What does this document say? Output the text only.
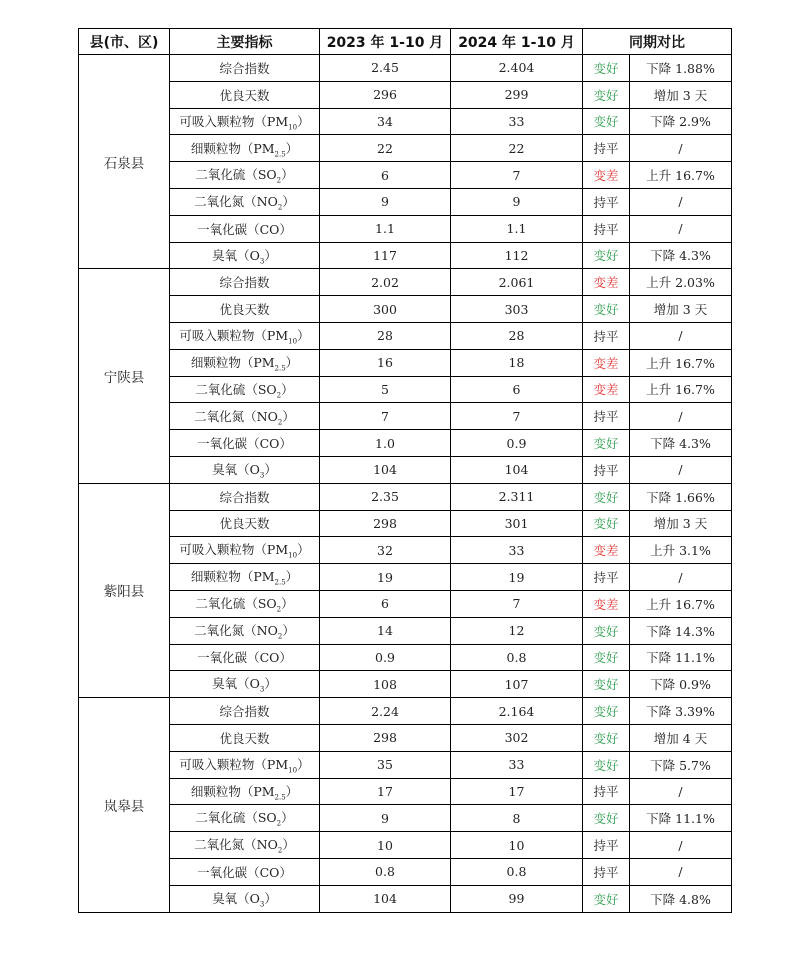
县(市、区)	主要指标	2023 年 1-10 月	2024 年 1-10 月	同期对比	
石泉县	综合指数	2.45	2.404	变好	下降 1.88%
	优良天数	296	299	变好	增加 3 天
	可吸入颗粒物$(PM_{10})$	34	33	变好	下降 2.9%
	细颗粒物$(PM_{2.5})$	22	22	持平	/
	二氧化硫$(SO_2)$	6	7	变差	上升 16.7%
	二氧化氮$(NO_2)$	9	9	持平	/
	一氧化碳（CO）	1.1	1.1	持平	/
	臭氧$(O_3)$	117	112	变好	下降 4.3%
宁陕县	综合指数	2.02	2.061	变差	上升 2.03%
	优良天数	300	303	变好	增加 3 天
	可吸入颗粒物$(PM_{10})$	28	28	持平	/
	细颗粒物$(PM_{2.5})$	16	18	变差	上升 16.7%
	二氧化硫$(SO_2)$	5	6	变差	上升 16.7%
	二氧化氮$(NO_2)$	7	7	持平	/
	一氧化碳（CO）	1.0	0.9	变好	下降 4.3%
	臭氧$(O_3)$	104	104	持平	/
紫阳县	综合指数	2.35	2.311	变好	下降 1.66%
	优良天数	298	301	变好	增加 3 天
	可吸入颗粒物$(PM_{10})$	32	33	变差	上升 3.1%
	细颗粒物$(PM_{2.5})$	19	19	持平	/
	二氧化硫$(SO_2)$	6	7	变差	上升 16.7%
	二氧化氮$(NO_2)$	14	12	变好	下降 14.3%
	一氧化碳（CO）	0.9	0.8	变好	下降 11.1%
	臭氧$(O_3)$	108	107	变好	下降 0.9%
岚皋县	综合指数	2.24	2.164	变好	下降 3.39%
	优良天数	298	302	变好	增加 4 天
	可吸入颗粒物$(PM_{10})$	35	33	变好	下降 5.7%
	细颗粒物$(PM_{2.5})$	17	17	持平	/
	二氧化硫$(SO_2)$	9	8	变好	下降 11.1%
	二氧化氮$(NO_2)$	10	10	持平	/
	一氧化碳（CO）	0.8	0.8	持平	/
	臭氧$(O_3)$	104	99	变好	下降 4.8%
